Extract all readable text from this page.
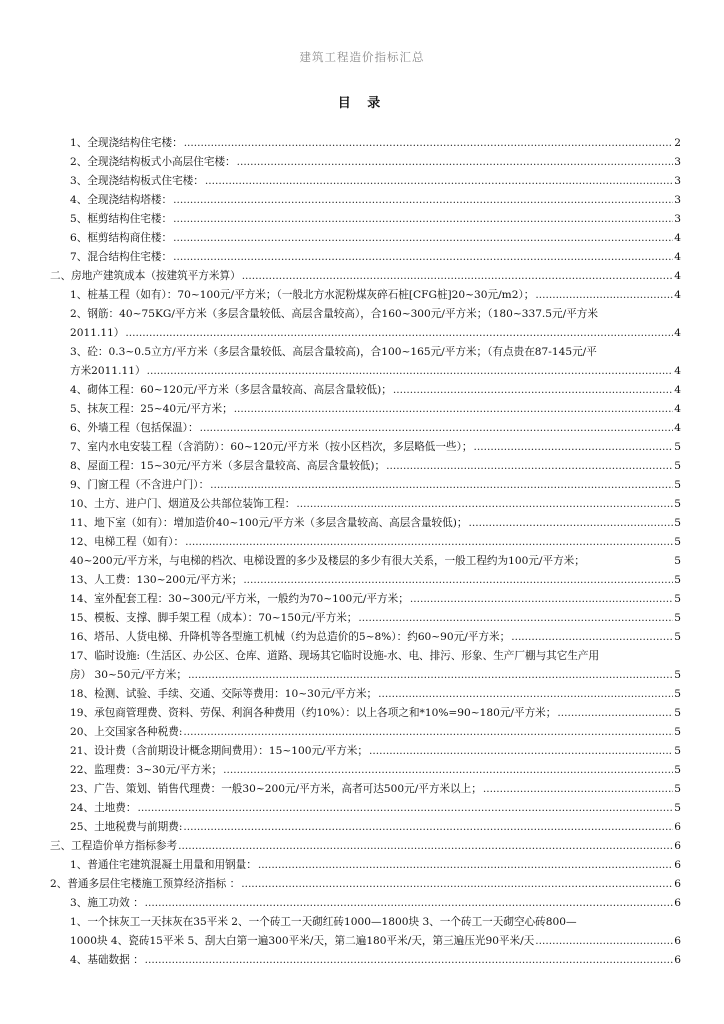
建筑工程造价指标汇总
目 录
1、全现浇结构住宅楼： .....	2
2、全现浇结构板式小高层住宅楼： .....	3
3、全现浇结构板式住宅楼： .....	3
4、全现浇结构塔楼： .....	3
5、框剪结构住宅楼： .....	3
6、框剪结构商住楼： .....	4
7、混合结构住宅楼： .....	4
二、房地产建筑成本（按建筑平方米算） .....	4
1、桩基工程（如有）：70~100元/平方米；（一般北方水泥粉煤灰碎石桩[CFG桩]20~30元/m2）； .....	4
2、钢筋：40~75KG/平方米（多层含量较低、高层含量较高），合160~300元/平方米；（180~337.5元/平方米
2011.11） .....	4
3、砼：0.3~0.5立方/平方米（多层含量较低、高层含量较高)，合100~165元/平方米；（有点贵在87-145元/平
方米2011.11） .....	4
4、砌体工程：60~120元/平方米（多层含量较高、高层含量较低)； .....	4
5、抹灰工程：25~40元/平方米； .....	4
6、外墙工程（包括保温）： .....	4
7、室内水电安装工程（含消防）：60~120元/平方米（按小区档次，多层略低一些）； .....	5
8、屋面工程：15~30元/平方米（多层含量较高、高层含量较低)； .....	5
9、门窗工程（不含进户门）： .....	5
10、土方、进户门、烟道及公共部位装饰工程： .....	5
11、地下室（如有）：增加造价40~100元/平方米（多层含量较高、高层含量较低)； .....	5
12、电梯工程（如有）： .....	5
40~200元/平方米，与电梯的档次、电梯设置的多少及楼层的多少有很大关系，一般工程约为100元/平方米；	5
13、人工费：130~200元/平方米； .....	5
14、室外配套工程：30~300元/平方米，一般约为70~100元/平方米； .....	5
15、模板、支撑、脚手架工程（成本）：70~150元/平方米； .....	5
16、塔吊、人货电梯、升降机等各型施工机械（约为总造价的5~8%）：约60~90元/平方米； .....	5
17、临时设施:（生活区、办公区、仓库、道路、现场其它临时设施-水、电、排污、形象、生产厂棚与其它生产用
房） 30~50元/平方米； .....	5
18、检测、试验、手续、交通、交际等费用：10~30元/平方米； .....	5
19、承包商管理费、资料、劳保、利润各种费用（约10%）：以上各项之和*10%=90~180元/平方米； .....	5
20、上交国家各种税费: .....	5
21、设计费（含前期设计概念期间费用）：15~100元/平方米； .....	5
22、监理费：3~30元/平方米； .....	5
23、广告、策划、销售代理费：一般30~200元/平方米，高者可达500元/平方米以上； .....	5
24、土地费： .....	5
25、土地税费与前期费: .....	6
三、工程造价单方指标参考 .....	6
1、普通住宅建筑混凝土用量和用钢量： .....	6
2、普通多层住宅楼施工预算经济指标 ： .....	6
3、施工功效 ： .....	6
1、一个抹灰工一天抹灰在35平米 2、一个砖工一天砌红砖1000—1800块 3、一个砖工一天砌空心砖800—
1000块 4、瓷砖15平米 5、刮大白第一遍300平米/天，第二遍180平米/天，第三遍压光90平米/天 .....	6
4、基础数据 ： .....	6
